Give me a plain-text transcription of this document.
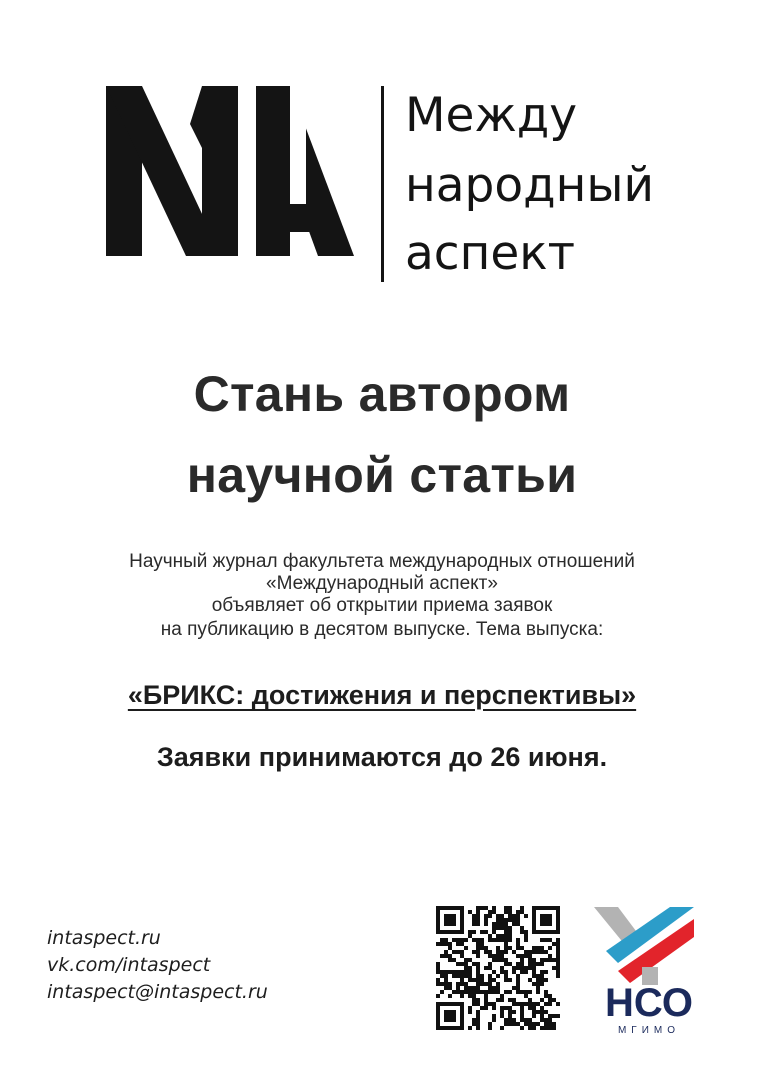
Между
народный
аспект
Стань автором
научной статьи
Научный журнал факультета международных отношений
«Международный аспект»
объявляет об открытии приема заявок
на публикацию в десятом выпуске. Тема выпуска:
«БРИКС: достижения и перспективы»
Заявки принимаются до 26 июня.
intaspect.ru
vk.com/intaspect
intaspect@intaspect.ru	НСО
МГИМО
